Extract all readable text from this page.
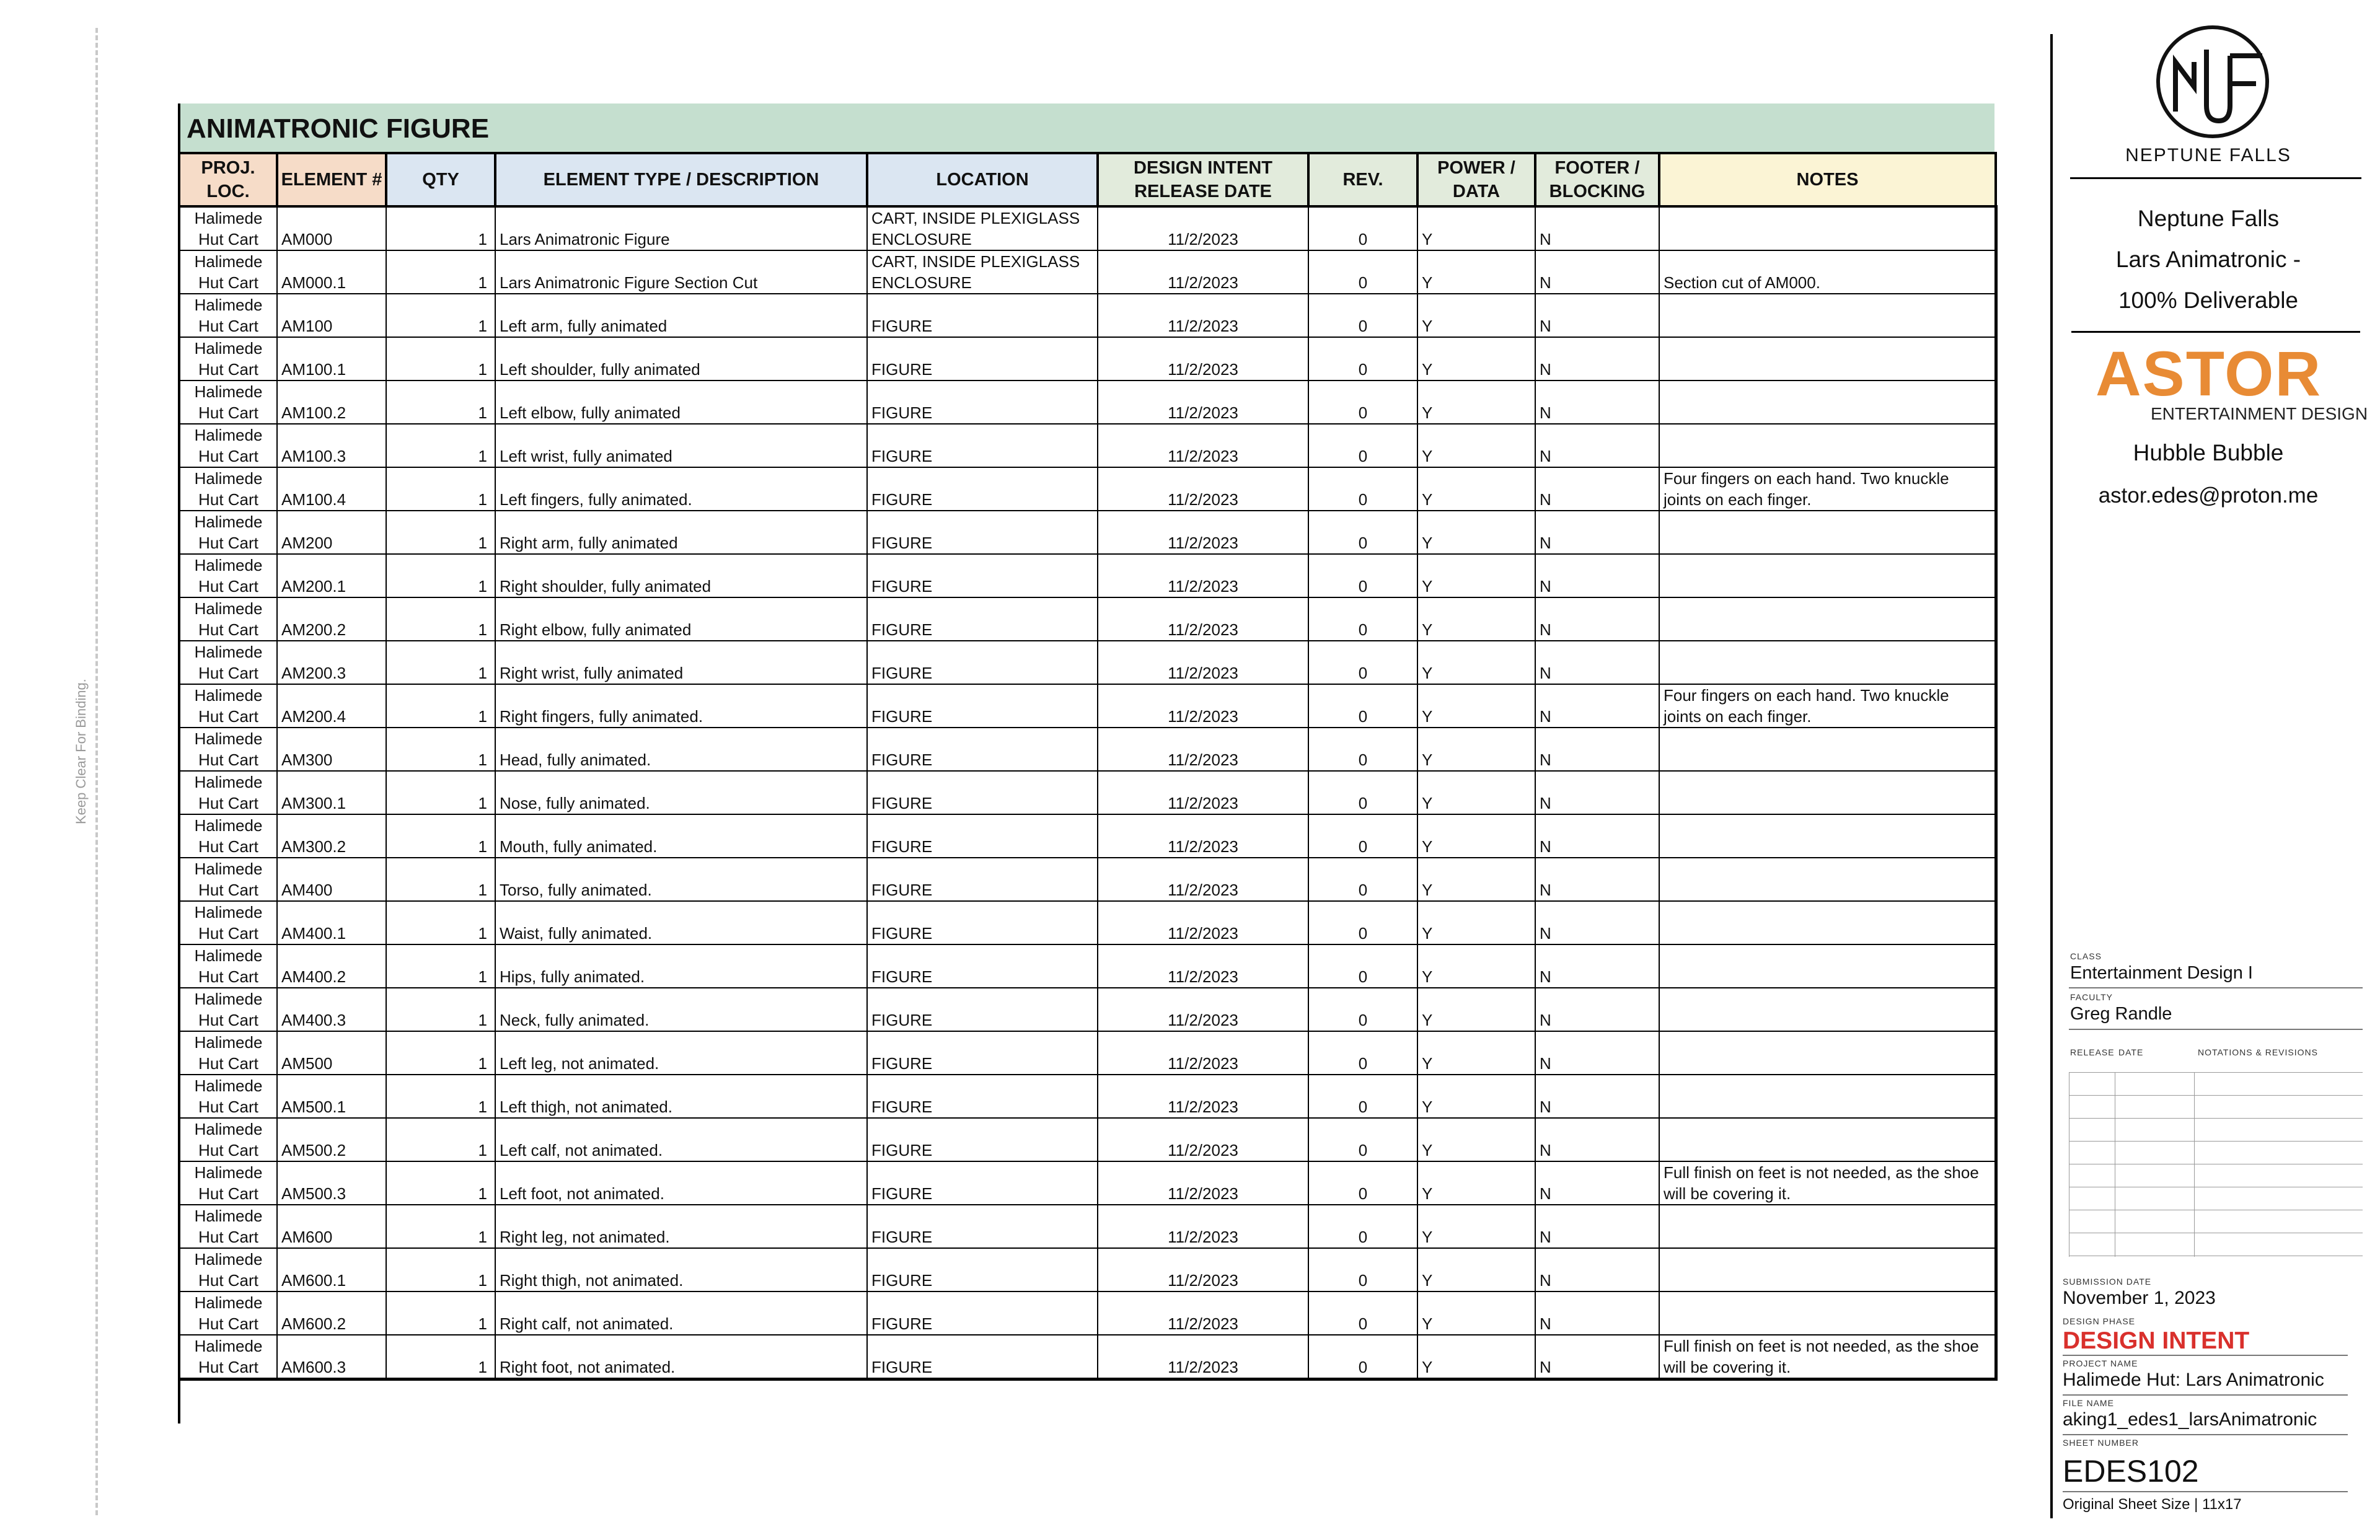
Keep Clear For Binding.
ANIMATRONIC FIGURE
PROJ.
LOC.	ELEMENT #	QTY	ELEMENT TYPE / DESCRIPTION	LOCATION	DESIGN INTENT
RELEASE DATE	REV.	POWER /
DATA	FOOTER /
BLOCKING	NOTES
Halimede
Hut Cart	AM000	1	Lars Animatronic Figure	CART, INSIDE PLEXIGLASS ENCLOSURE	11/2/2023	0	Y	N	
Halimede
Hut Cart	AM000.1	1	Lars Animatronic Figure Section Cut	CART, INSIDE PLEXIGLASS ENCLOSURE	11/2/2023	0	Y	N	Section cut of AM000.
Halimede
Hut Cart	AM100	1	Left arm, fully animated	FIGURE	11/2/2023	0	Y	N	
Halimede
Hut Cart	AM100.1	1	Left shoulder, fully animated	FIGURE	11/2/2023	0	Y	N	
Halimede
Hut Cart	AM100.2	1	Left elbow, fully animated	FIGURE	11/2/2023	0	Y	N	
Halimede
Hut Cart	AM100.3	1	Left wrist, fully animated	FIGURE	11/2/2023	0	Y	N	
Halimede
Hut Cart	AM100.4	1	Left fingers, fully animated.	FIGURE	11/2/2023	0	Y	N	Four fingers on each hand. Two knuckle joints on each finger.
Halimede
Hut Cart	AM200	1	Right arm, fully animated	FIGURE	11/2/2023	0	Y	N	
Halimede
Hut Cart	AM200.1	1	Right shoulder, fully animated	FIGURE	11/2/2023	0	Y	N	
Halimede
Hut Cart	AM200.2	1	Right elbow, fully animated	FIGURE	11/2/2023	0	Y	N	
Halimede
Hut Cart	AM200.3	1	Right wrist, fully animated	FIGURE	11/2/2023	0	Y	N	
Halimede
Hut Cart	AM200.4	1	Right fingers, fully animated.	FIGURE	11/2/2023	0	Y	N	Four fingers on each hand. Two knuckle joints on each finger.
Halimede
Hut Cart	AM300	1	Head, fully animated.	FIGURE	11/2/2023	0	Y	N	
Halimede
Hut Cart	AM300.1	1	Nose, fully animated.	FIGURE	11/2/2023	0	Y	N	
Halimede
Hut Cart	AM300.2	1	Mouth, fully animated.	FIGURE	11/2/2023	0	Y	N	
Halimede
Hut Cart	AM400	1	Torso, fully animated.	FIGURE	11/2/2023	0	Y	N	
Halimede
Hut Cart	AM400.1	1	Waist, fully animated.	FIGURE	11/2/2023	0	Y	N	
Halimede
Hut Cart	AM400.2	1	Hips, fully animated.	FIGURE	11/2/2023	0	Y	N	
Halimede
Hut Cart	AM400.3	1	Neck, fully animated.	FIGURE	11/2/2023	0	Y	N	
Halimede
Hut Cart	AM500	1	Left leg, not animated.	FIGURE	11/2/2023	0	Y	N	
Halimede
Hut Cart	AM500.1	1	Left thigh, not animated.	FIGURE	11/2/2023	0	Y	N	
Halimede
Hut Cart	AM500.2	1	Left calf, not animated.	FIGURE	11/2/2023	0	Y	N	
Halimede
Hut Cart	AM500.3	1	Left foot, not animated.	FIGURE	11/2/2023	0	Y	N	Full finish on feet is not needed, as the shoe will be covering it.
Halimede
Hut Cart	AM600	1	Right leg, not animated.	FIGURE	11/2/2023	0	Y	N	
Halimede
Hut Cart	AM600.1	1	Right thigh, not animated.	FIGURE	11/2/2023	0	Y	N	
Halimede
Hut Cart	AM600.2	1	Right calf, not animated.	FIGURE	11/2/2023	0	Y	N	
Halimede
Hut Cart	AM600.3	1	Right foot, not animated.	FIGURE	11/2/2023	0	Y	N	Full finish on feet is not needed, as the shoe will be covering it.
NEPTUNE FALLS
Neptune Falls
Lars Animatronic -
100% Deliverable
ASTOR
ENTERTAINMENT DESIGN
Hubble Bubble
astor.edes@proton.me
CLASS
Entertainment Design I
FACULTY
Greg Randle
RELEASE DATE	NOTATIONS & REVISIONS
SUBMISSION DATE
November 1, 2023
DESIGN PHASE
DESIGN INTENT
PROJECT NAME
Halimede Hut: Lars Animatronic
FILE NAME
aking1_edes1_larsAnimatronic
SHEET NUMBER
EDES102
Original Sheet Size | 11x17
